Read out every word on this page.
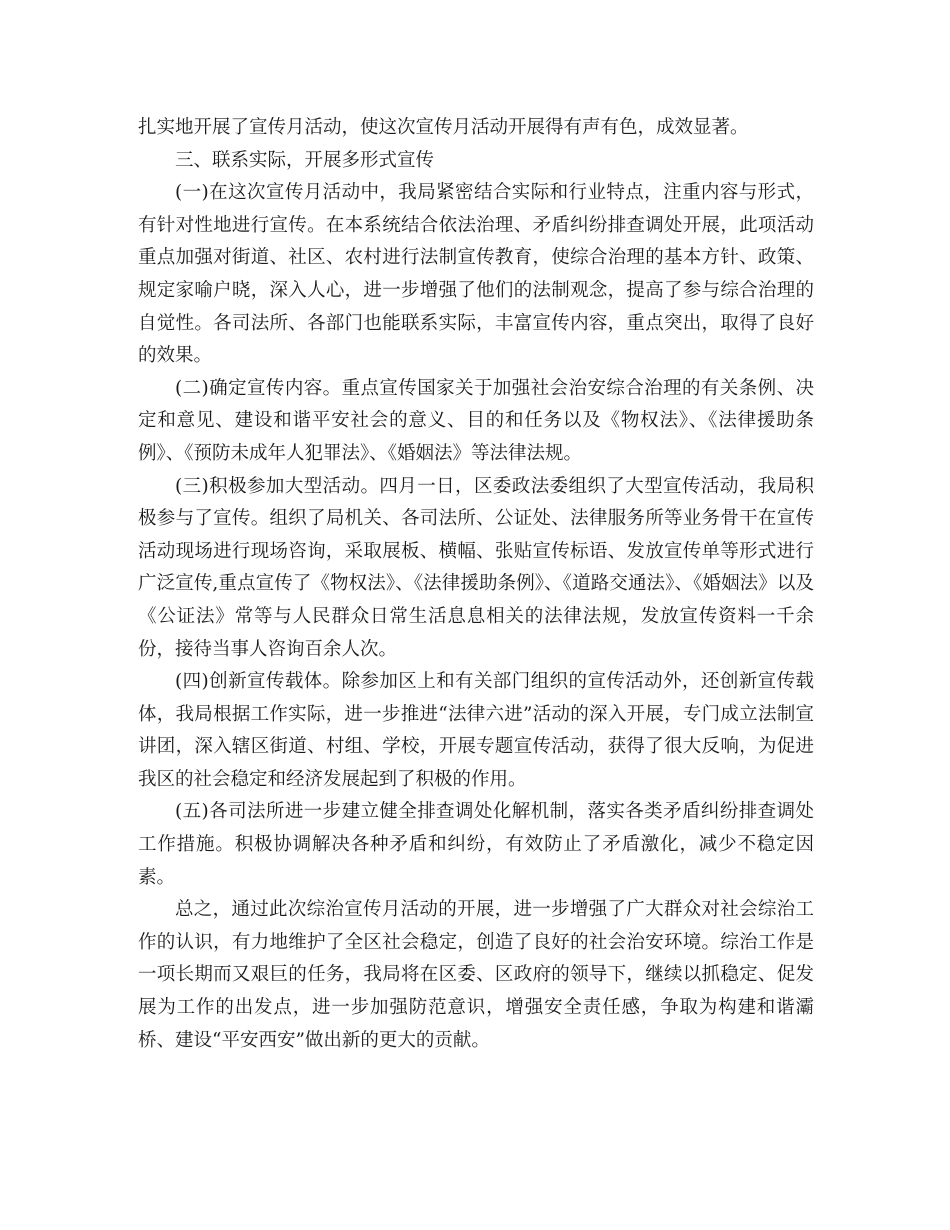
扎实地开展了宣传月活动，使这次宣传月活动开展得有声有色，成效显著。

三、联系实际，开展多形式宣传

(一)在这次宣传月活动中，我局紧密结合实际和行业特点，注重内容与形式，有针对性地进行宣传。在本系统结合依法治理、矛盾纠纷排查调处开展，此项活动重点加强对街道、社区、农村进行法制宣传教育，使综合治理的基本方针、政策、规定家喻户晓，深入人心，进一步增强了他们的法制观念，提高了参与综合治理的自觉性。各司法所、各部门也能联系实际，丰富宣传内容，重点突出，取得了良好的效果。

(二)确定宣传内容。重点宣传国家关于加强社会治安综合治理的有关条例、决定和意见、建设和谐平安社会的意义、目的和任务以及《物权法》、《法律援助条例》、《预防未成年人犯罪法》、《婚姻法》等法律法规。

(三)积极参加大型活动。四月一日，区委政法委组织了大型宣传活动，我局积极参与了宣传。组织了局机关、各司法所、公证处、法律服务所等业务骨干在宣传活动现场进行现场咨询，采取展板、横幅、张贴宣传标语、发放宣传单等形式进行广泛宣传,重点宣传了《物权法》、《法律援助条例》、《道路交通法》、《婚姻法》以及《公证法》常等与人民群众日常生活息息相关的法律法规，发放宣传资料一千余份，接待当事人咨询百余人次。

(四)创新宣传载体。除参加区上和有关部门组织的宣传活动外，还创新宣传载体，我局根据工作实际，进一步推进“法律六进”活动的深入开展，专门成立法制宣讲团，深入辖区街道、村组、学校，开展专题宣传活动，获得了很大反响，为促进我区的社会稳定和经济发展起到了积极的作用。

(五)各司法所进一步建立健全排查调处化解机制，落实各类矛盾纠纷排查调处工作措施。积极协调解决各种矛盾和纠纷，有效防止了矛盾激化，减少不稳定因素。

总之，通过此次综治宣传月活动的开展，进一步增强了广大群众对社会综治工作的认识，有力地维护了全区社会稳定，创造了良好的社会治安环境。综治工作是一项长期而又艰巨的任务，我局将在区委、区政府的领导下，继续以抓稳定、促发展为工作的出发点，进一步加强防范意识，增强安全责任感，争取为构建和谐灞桥、建设“平安西安”做出新的更大的贡献。
